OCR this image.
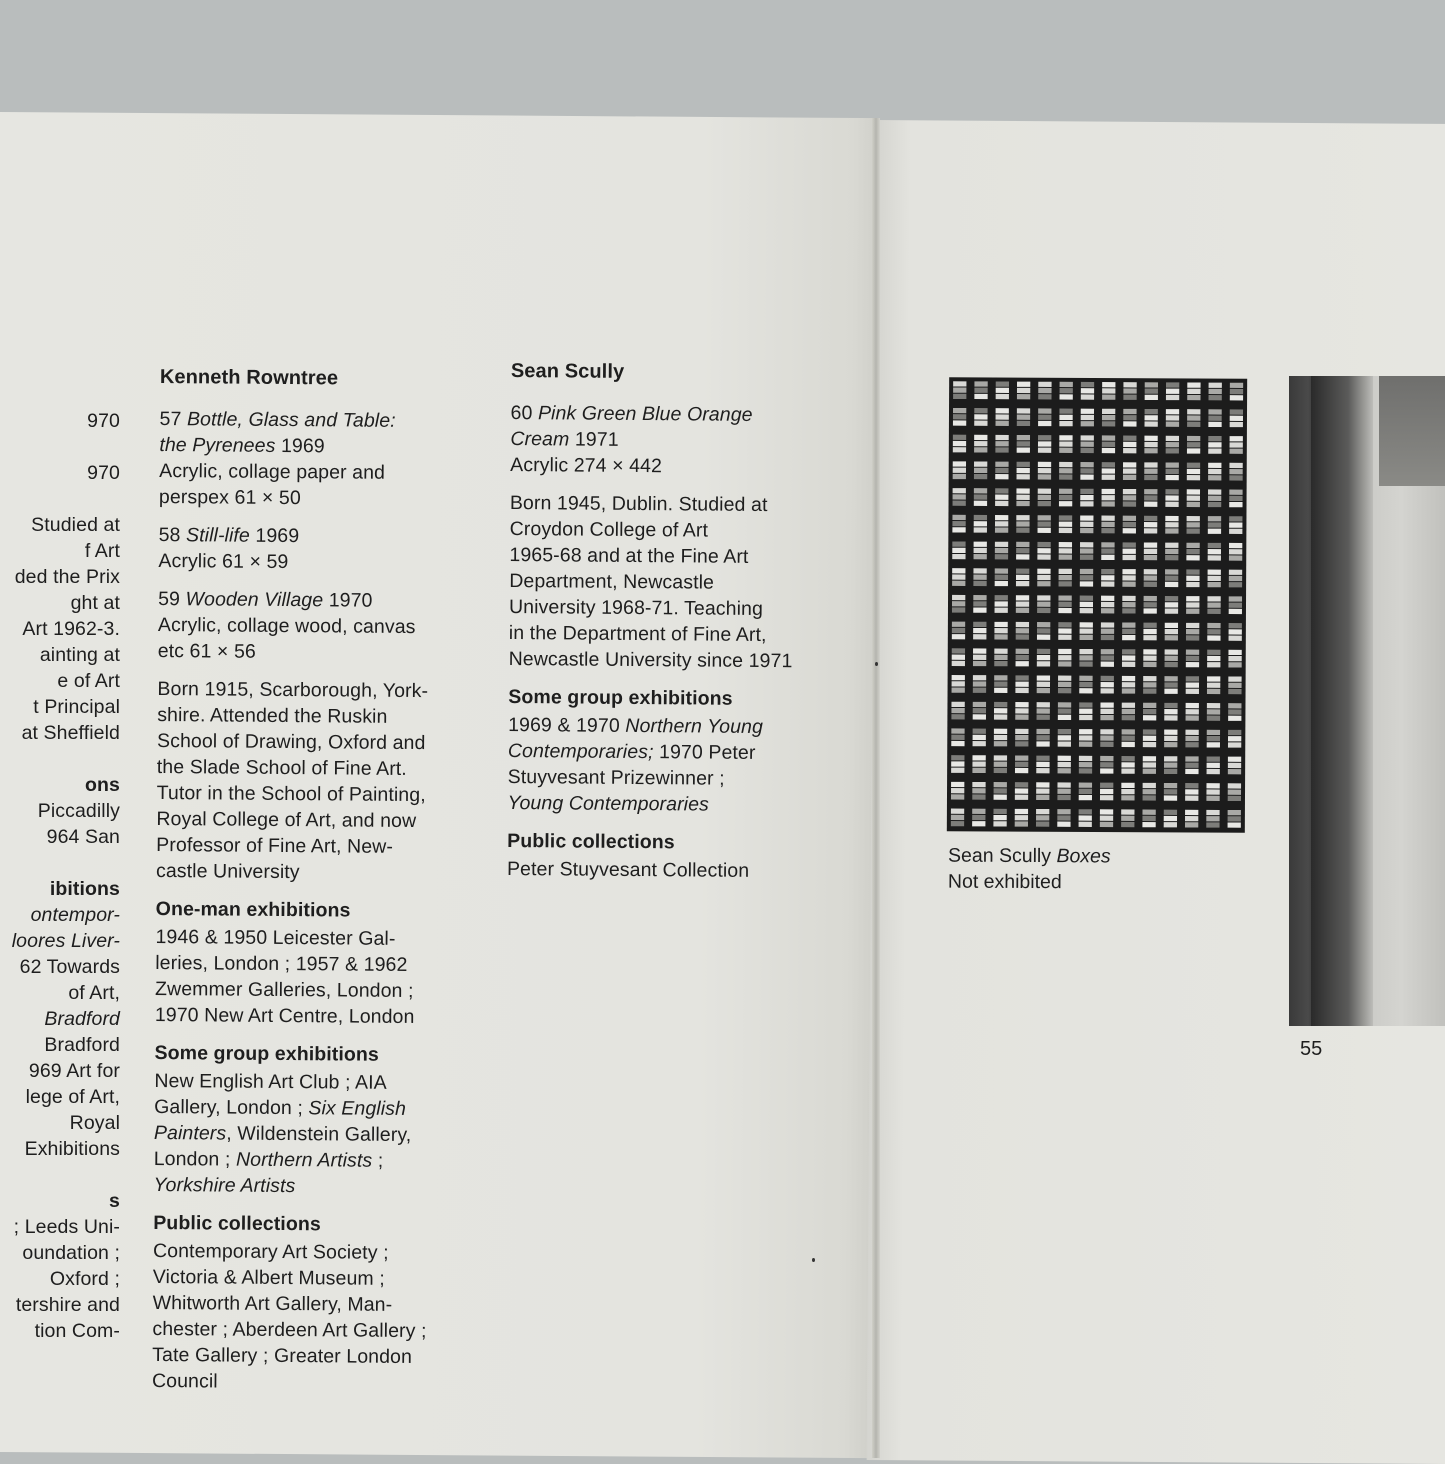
970

970

Studied at
f Art
ded the Prix
ght at
Art 1962-3.
ainting at
e of Art
t Principal
at Sheffield

ons
Piccadilly
964 San

ibitions
ontempor-
loores Liver-
62 Towards
of Art,
Bradford
Bradford
969 Art for
lege of Art,
Royal
Exhibitions

s
; Leeds Uni-
oundation ;
Oxford ;
tershire and
tion Com-

Kenneth Rowntree

57 Bottle, Glass and Table:
the Pyrenees 1969
Acrylic, collage paper and
perspex 61 × 50

58 Still-life 1969
Acrylic 61 × 59

59 Wooden Village 1970
Acrylic, collage wood, canvas
etc 61 × 56

Born 1915, Scarborough, York-
shire. Attended the Ruskin
School of Drawing, Oxford and
the Slade School of Fine Art.
Tutor in the School of Painting,
Royal College of Art, and now
Professor of Fine Art, New-
castle University

One-man exhibitions

1946 & 1950 Leicester Gal-
leries, London ; 1957 & 1962
Zwemmer Galleries, London ;
1970 New Art Centre, London

Some group exhibitions

New English Art Club ; AIA
Gallery, London ; Six English
Painters, Wildenstein Gallery,
London ; Northern Artists ;
Yorkshire Artists

Public collections

Contemporary Art Society ;
Victoria & Albert Museum ;
Whitworth Art Gallery, Man-
chester ; Aberdeen Art Gallery ;
Tate Gallery ; Greater London
Council

Sean Scully

60 Pink Green Blue Orange
Cream 1971
Acrylic 274 × 442

Born 1945, Dublin. Studied at
Croydon College of Art
1965-68 and at the Fine Art
Department, Newcastle
University 1968-71. Teaching
in the Department of Fine Art,
Newcastle University since 1971

Some group exhibitions

1969 & 1970 Northern Young
Contemporaries; 1970 Peter
Stuyvesant Prizewinner ;
Young Contemporaries

Public collections

Peter Stuyvesant Collection

Sean Scully Boxes
Not exhibited
55
